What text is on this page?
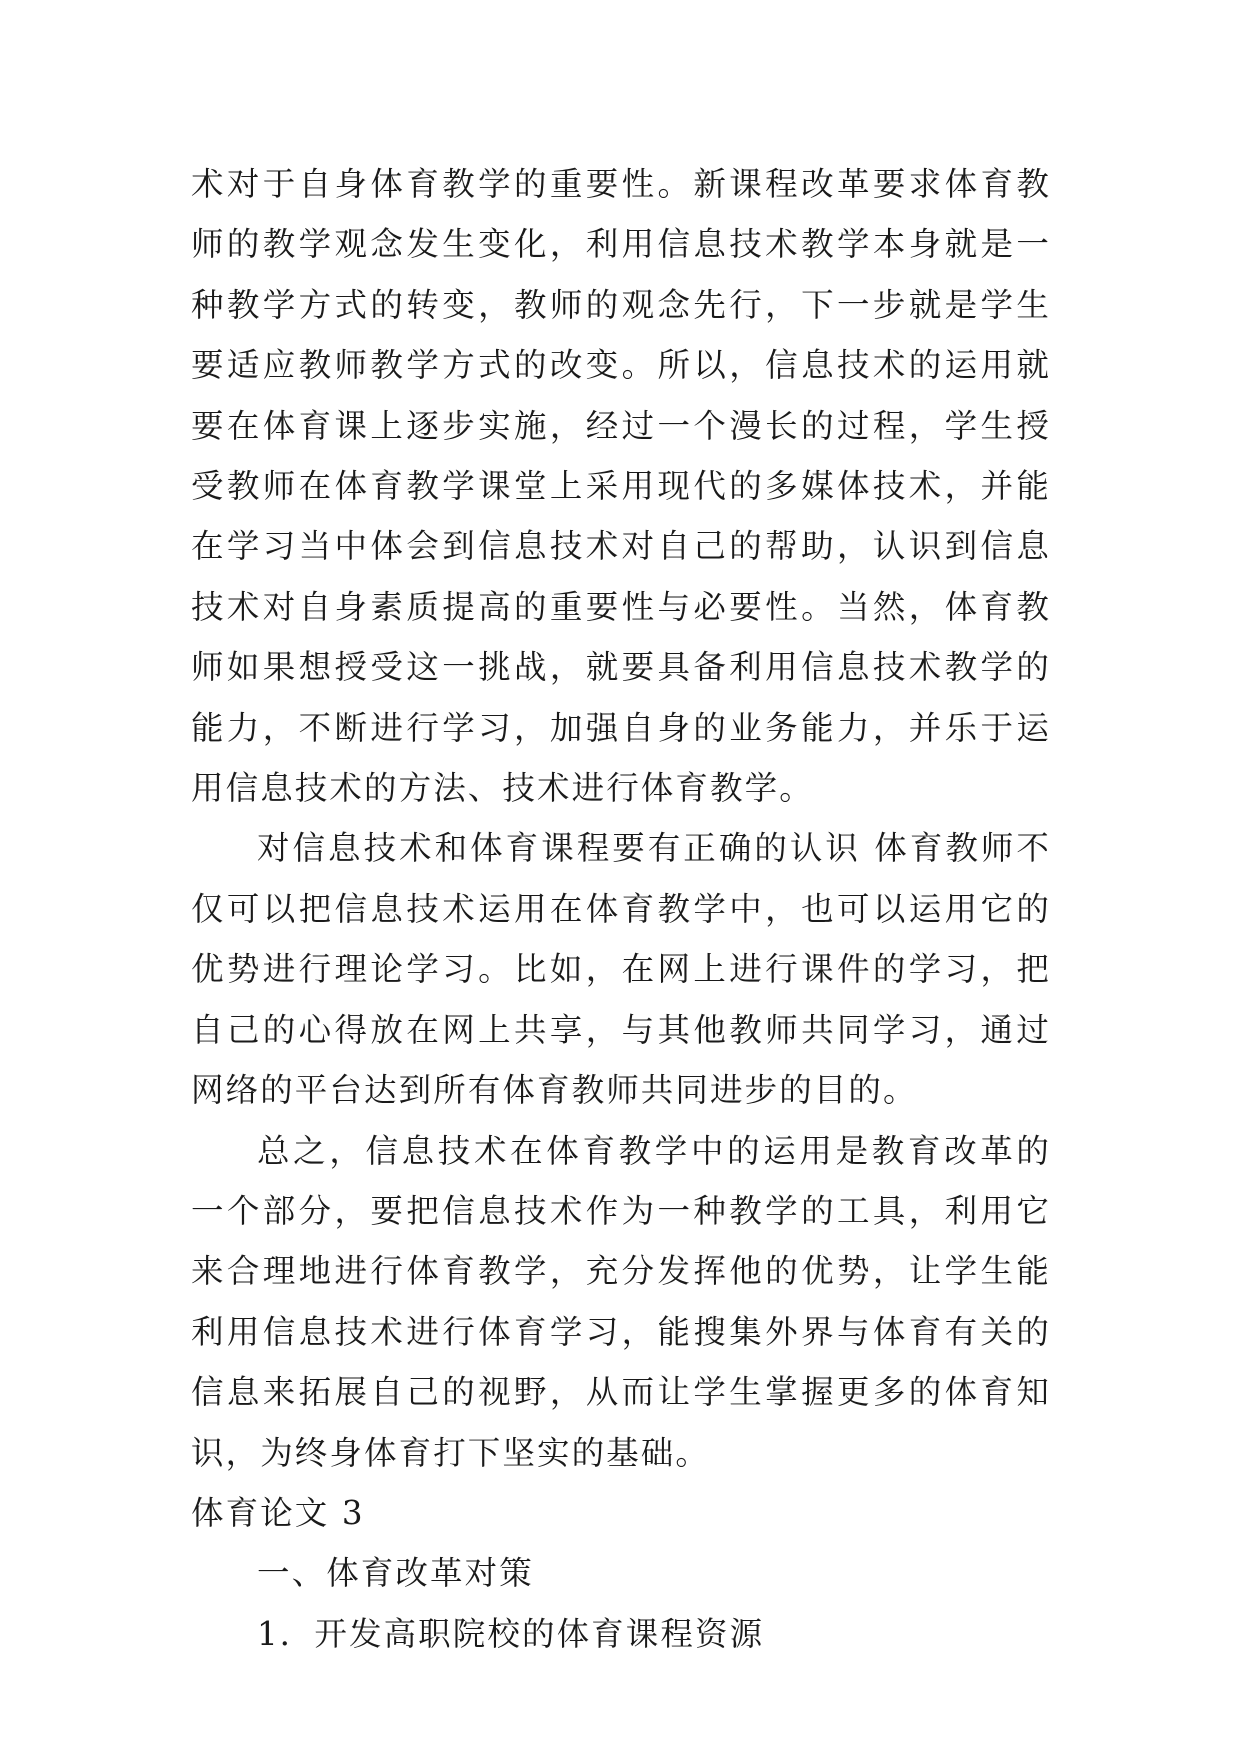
术对于自身体育教学的重要性。新课程改革要求体育教师的教学观念发生变化，利用信息技术教学本身就是一种教学方式的转变，教师的观念先行，下一步就是学生要适应教师教学方式的改变。所以，信息技术的运用就要在体育课上逐步实施，经过一个漫长的过程，学生授受教师在体育教学课堂上采用现代的多媒体技术，并能在学习当中体会到信息技术对自己的帮助，认识到信息技术对自身素质提高的重要性与必要性。当然，体育教师如果想授受这一挑战，就要具备利用信息技术教学的能力，不断进行学习，加强自身的业务能力，并乐于运用信息技术的方法、技术进行体育教学。

对信息技术和体育课程要有正确的认识 体育教师不仅可以把信息技术运用在体育教学中，也可以运用它的优势进行理论学习。比如，在网上进行课件的学习，把自己的心得放在网上共享，与其他教师共同学习，通过网络的平台达到所有体育教师共同进步的目的。

总之，信息技术在体育教学中的运用是教育改革的一个部分，要把信息技术作为一种教学的工具，利用它来合理地进行体育教学，充分发挥他的优势，让学生能利用信息技术进行体育学习，能搜集外界与体育有关的信息来拓展自己的视野，从而让学生掌握更多的体育知识，为终身体育打下坚实的基础。

体育论文 3

一、体育改革对策

1．开发高职院校的体育课程资源
